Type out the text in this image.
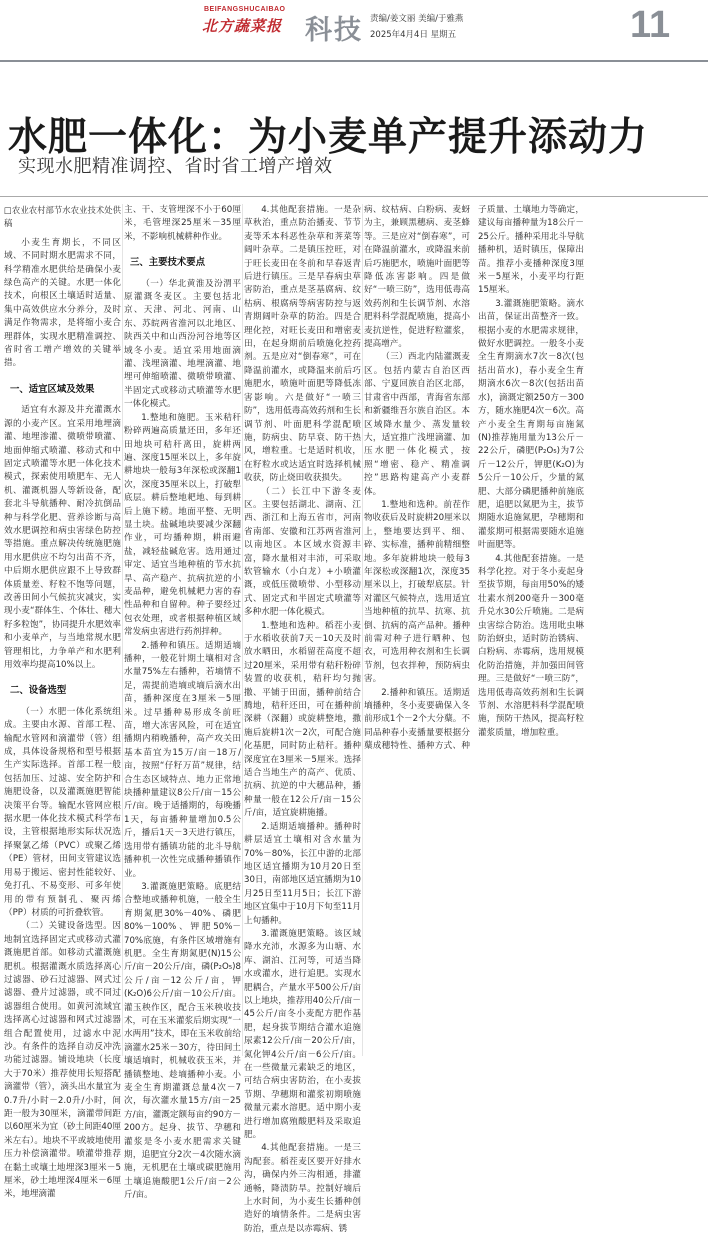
BEIFANGSHUCAIBAO
北方蔬菜报 科技 责编/姜文丽 美编/于雅燕
2025年4月4日 星期五	11
水肥一体化：为小麦单产提升添动力
实现水肥精准调控、省时省工增产增效

□农业农村部节水农业技术处供稿

小麦生育期长，不同区域、不同时期水肥需求不同，科学精准水肥供给是确保小麦绿色高产的关键。水肥一体化技术，向根区土壤适时适量、集中高效供应水分养分，及时满足作物需求，是将缩小麦合理群体，实现水肥精准调控、省时省工增产增效的关键举措。

一、适宜区域及效果

适宜有水源及井充灌溉水源的小麦产区。宜采用地埋滴灌、地埋渗灌、微喷带喷灌、地面伸缩式喷灌、移动式和中固定式喷灌等水肥一体化技术模式，探索使用喷肥车、无人机、灌溉机器人等新设备，配套北斗导航播种、耐冷抗倒品种与科学化肥、营养诊断与高效水肥调控和病虫害绿色防控等措施。重点解决传统施肥施用水肥供应不均匀出苗不齐，中后期水肥供应跟不上导致群体质量差、籽粒不饱等问题，改善田间小气候抗灾减灾，实现小麦“群体生、个体壮、穗大籽多粒饱”，协同提升水肥效率和小麦单产，与当地常规水肥管理相比，力争单产和水肥利用效率均提高10%以上。

二、设备选型

（一）水肥一体化系统组成。主要由水源、首部工程、输配水管网和滴灌带（管）组成，具体设备规格和型号根据生产实际选择。首部工程一般包括加压、过滤、安全防护和施肥设备，以及灌溉施肥智能决策平台等。输配水管网应根据水肥一体化技术模式科学布设，主管根据地形实际状况选择聚氯乙烯（PVC）或聚乙烯（PE）管材，田间支管建议选用易于搬运、密封性能较好、免打孔、不易变形、可多年使用的带有预制孔、聚丙烯（PP）材质的可折叠软管。

（二）关键设备选型。因地制宜选择固定式或移动式灌溉施肥首部。如移动式灌溉施肥机。根据灌溉水质选择离心过滤器、砂石过滤器、网式过滤器、叠片过滤器，或不同过滤器组合使用。如黄河流域宜选择离心过滤器和网式过滤器组合配置使用，过滤水中泥沙。有条件的选择自动反冲洗功能过滤器。铺设地块（长度大于70米）推荐使用长短搭配滴灌带（管），滴头出水量宜为0.7升/小时－2.0升/小时，间距一般为30厘米，滴灌带间距以60厘米为宜（砂土间距40厘米左右）。地块不平或坡地使用压力补偿滴灌带。喷灌带推荐在黏土或壤土地埋深3厘米－5厘米，砂土地埋深4厘米－6厘米，地埋滴灌

主、干、支管埋深不小于60厘米，毛管埋深25厘米－35厘米，不影响机械耕种作业。

三、主要技术要点

（一）华北黄淮及汾渭平原灌溉冬麦区。主要包括北京、天津、河北、河南、山东、苏皖两省淮河以北地区、陕西关中和山西汾河谷地等区域冬小麦。适宜采用地面滴灌、浅埋滴灌、地埋滴灌、地埋可伸缩喷灌、微喷带喷灌、半固定式或移动式喷灌等水肥一体化模式。

1.整地和施肥。玉米秸秆粉碎两遍高质量还田，多年还田地块可秸秆离田，旋耕两遍、深度15厘米以上，多年旋耕地块一般每3年深松或深翻1次，深度35厘米以上，打破犁底层。耕后整地耙地、每到耕后上施下耢。地面平整、无明显土块。盐碱地块要减少深翻作业，可均播种期，耕雨避盐，减轻盐碱危害。选用通过审定、适宜当地种植的节水抗旱、高产稳产、抗病抗逆的小麦品种，避免机械耙力害的春性品种和自留种。种子要经过包衣处理，或者根据种植区域常发病虫害进行药剂拌种。

2.播种和镇压。适期适墒播种，一般花针期土壤相对含水量75%左右播种，若墒情不足，需提前造墒或墒后滴水出苗，播种深度在3厘米－5厘米。过早播种易形成冬前旺苗，增大冻害风险，可在适宜播期内稍晚播种，高产攻关田基本苗宜为15万/亩－18万/亩，按照“仔籽万苗”规律，结合生态区域特点、地力正常地块播种量建议8公斤/亩－15公斤/亩。晚于适播期的，每晚播1天，每亩播种量增加0.5公斤，播后1天－3天进行镇压，选用带有播镇功能的北斗导航播种机一次性完成播种播镇作业。

3.灌溉施肥策略。底肥结合整地或播种机施，一般全生育期氮肥30%－40%、磷肥80%－100%、钾肥50%－70%底施，有条件区域增施有机肥。全生育期氮肥(N)15公斤/亩－20公斤/亩，磷(P₂O₅)8公斤/亩－12公斤/亩，钾(K₂O)6公斤/亩－10公斤/亩。灌玉秧作区，配合玉米秧收技术，可在玉米灌浆后期实现“一水两用”技术，即在玉米收前给滴灌水25米－30方，待田间土壤适墒时，机械收获玉米，并播镇整地、趁墒播种小麦。小麦全生育期灌溉总量4次－7次，每次灌水量15方/亩－25方/亩，灌溉定额每亩约90方－200方。起身、拔节、孕穗和灌浆是冬小麦水肥需求关键期，追肥宜分2次－4次随水滴施，无机肥在土壤或碳肥施用土壤追施酸肥1公斤/亩－2公斤/亩。

4.其他配套措施。一是杂草秋治，重点防治播麦、节节麦等禾本科恶性杂草和荠菜等阔叶杂草。二是镇压控旺，对于旺长麦田在冬前和早春返青后进行镇压。三是早春病虫草害防治，重点是茎基腐病、纹枯病、根腐病等病害防控与返青期阔叶杂草的防治。四是合理化控，对旺长麦田和增密麦田，在起身期前后喷施化控药剂。五是应对“倒春寒”，可在降温前灌水，或降温来前后巧施肥水，喷施叶面肥等降低冻害影响。六是做好“一喷三防”，选用低毒高效药剂和生长调节剂、叶面肥科学混配喷施，防病虫、防早衰、防干热风，增粒重。七是适时机收，在籽粒水或达适宜时选择机械收获，防止烧田收获损失。

（二）长江中下游冬麦区。主要包括湖北、湖南、江西、浙江和上海五省市，河南省南部、安徽和江苏两省淮河以南地区。本区域水资源丰富，降水量相对丰沛，可采取软管输水（小白龙）+小喷灌溉，或低压微喷带、小型移动式、固定式和半固定式喷灌等多种水肥一体化模式。

1.整地和选种。稻茬小麦于水稻收获前7天－10天及时放水晒田，水稻留茬高度不超过20厘米，采用带有秸秆粉碎装置的收获机，秸秆均匀抛撒、平铺于田面，播种前结合腾地，秸秆还田，可在播种前深耕（深翻）或旋耕整地，撒施后旋耕1次－2次，可配合施化基肥，同时防止秸秆。播种深度宜在3厘米－5厘米。选择适合当地生产的高产、优质、抗病、抗逆的中大穗品种，播种量一般在12公斤/亩－15公斤/亩，适宜旋耕施播。

2.适期适墒播种。播种时耕层适宜土壤相对含水量为70%－80%，长江中游的北部地区适宜播期为10月20日至30日，南部地区适宜播期为10月25日至11月5日；长江下游地区宜集中于10月下旬至11月上旬播种。

3.灌溉施肥策略。该区域降水充沛，水源多为山塘、水库、湖泊、江河等，可适当降水或灌水，进行追肥。实现水肥耦合，产量水平500公斤/亩以上地块，推荐用40公斤/亩－45公斤/亩冬小麦配方肥作基肥，起身拔节期结合灌水追施尿素12公斤/亩－20公斤/亩，氮化钾4公斤/亩－6公斤/亩。在一些微量元素缺乏的地区，可结合病虫害防治，在小麦拔节期、孕穗期和灌浆初期喷施微量元素水溶肥。适中期小麦进行增加腐殖酸肥料及采取追肥。

4.其他配套措施。一是三沟配套。稻茬麦区要开好排水沟，确保内外三沟相通，排灌通畅，降渍防旱。控制好墒后上水时间，为小麦生长播种创造好的墒情条件。二是病虫害防治，重点是以赤霉病、锈

病、纹枯病、白粉病、麦蚜为主，兼顾黑穗病、麦茎蜂等。三是应对“倒春寒”，可在降温前灌水，或降温来前后巧施肥水，喷施叶面肥等降低冻害影响。四是做好“一喷三防”，选用低毒高效药剂和生长调节剂、水溶肥料科学混配喷施，提高小麦抗逆性，促进籽粒灌浆，提高增产。

（三）西北内陆灌溉麦区。包括内蒙古自治区西部、宁夏回族自治区北部，甘肃省中西部，青海省东部和新疆维吾尔族自治区。本区域降水量少、蒸发量较大，适宜推广浅埋滴灌、加压水肥一体化模式，按照“增密、稳产、精准调控”思路构建高产小麦群体。

1.整地和选种。前茬作物收获后及时旋耕20厘米以上，整地要达到平、细、碎、实标准，播种前精细整地。多年旋耕地块一般每3年深松或深翻1次，深度35厘米以上，打破犁底层。针对灌区气候特点，选用适宜当地种植的抗旱、抗寒、抗倒、抗病的高产品种。播种前需对种子进行晒种、包衣，可选用种衣剂和生长调节剂，包衣拌种，预防病虫害。

2.播种和镇压。适期适墒播种，冬小麦要确保入冬前形成1个－2个大分蘖。不同品种春小麦播量要根据分蘖成穗特性、播种方式、种子质量、土壤地力等确定，建议每亩播种量为18公斤－25公斤。播种采用北斗导航播种机，适时镇压，保障出苗。推荐小麦播种深度3厘米－5厘米，小麦平均行距15厘米。

3.灌溉施肥策略。滴水出苗，保证出苗整齐一致。根据小麦的水肥需求规律，做好水肥调控。一般冬小麦全生育期滴水7次－8次(包括出苗水)，春小麦全生育期滴水6次－8次(包括出苗水)，滴溉定额250方－300方，随水施肥4次－6次。高产小麦全生育期每亩施氮(N)推荐施用量为13公斤－22公斤，磷肥(P₂O₅)为7公斤－12公斤，钾肥(K₂O)为5公斤－10公斤，少量的氮肥、大部分磷肥播种前施底肥，追肥以氮肥为主，拔节期随水追施氮肥，孕穗期和灌浆期可根据需要随水追施叶面肥等。

4.其他配套措施。一是科学化控。对于冬小麦起身至拔节期，每亩用50%的矮壮素水剂200毫升－300毫升兑水30公斤喷施。二是病虫害综合防治。选用吡虫啉防治蚜虫，适时防治锈病、白粉病、赤霉病，选用规模化防治措施，并加强田间管理。三是做好“一喷三防”，选用低毒高效药剂和生长调节剂、水溶肥料科学混配喷施，预防干热风，提高籽粒灌浆质量，增加粒重。
